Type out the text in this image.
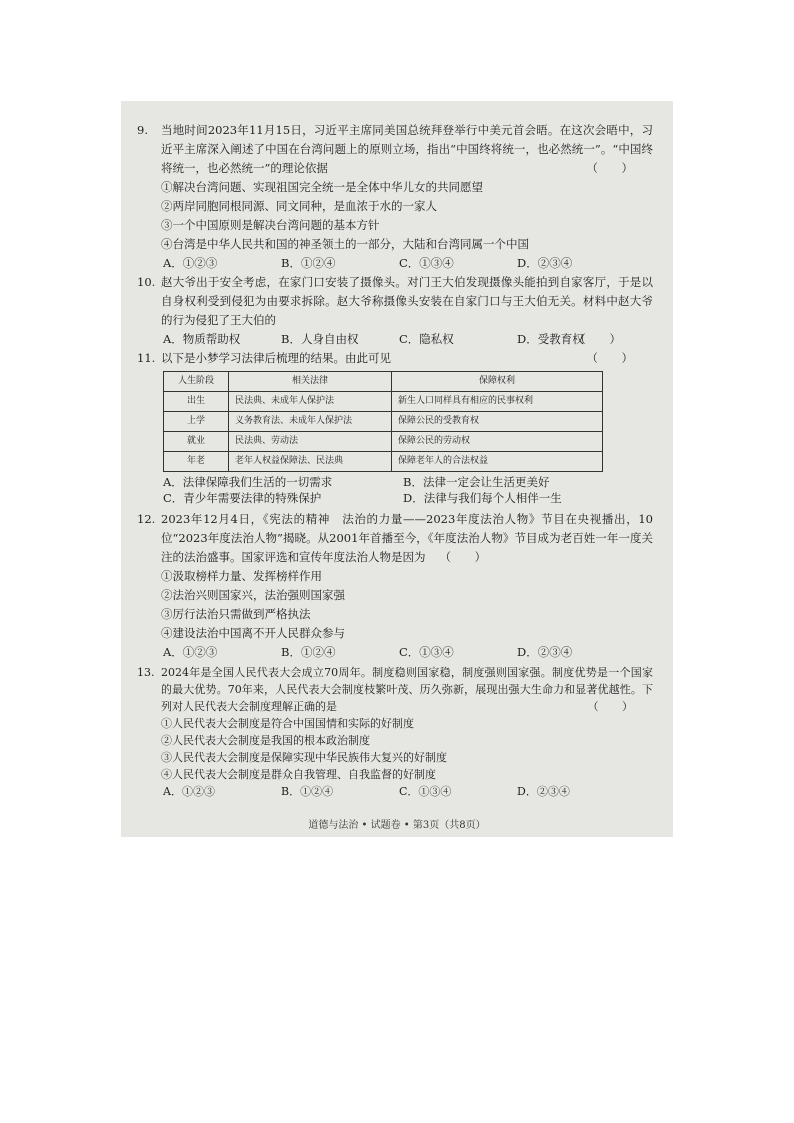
9.	当地时间2023年11月15日，习近平主席同美国总统拜登举行中美元首会晤。在这次会晤中，习近平主席深入阐述了中国在台湾问题上的原则立场，指出“中国终将统一，也必然统一”。“中国终将统一，也必然统一”的理论依据	（ ）
①解决台湾问题、实现祖国完全统一是全体中华儿女的共同愿望
②两岸同胞同根同源、同文同种，是血浓于水的一家人
③一个中国原则是解决台湾问题的基本方针
④台湾是中华人民共和国的神圣领土的一部分，大陆和台湾同属一个中国
A．①②③	B．①②④	C．①③④	D．②③④
10. 赵大爷出于安全考虑，在家门口安装了摄像头。对门王大伯发现摄像头能拍到自家客厅，于是以自身权利受到侵犯为由要求拆除。赵大爷称摄像头安装在自家门口与王大伯无关。材料中赵大爷的行为侵犯了王大伯的
（ ）
A．物质帮助权	B．人身自由权	C．隐私权	D．受教育权
11. 以下是小梦学习法律后梳理的结果。由此可见	（ ）
人生阶段	相关法律	保障权利
出生	民法典、未成年人保护法	新生人口同样具有相应的民事权利
上学	义务教育法、未成年人保护法	保障公民的受教育权
就业	民法典、劳动法	保障公民的劳动权
年老	老年人权益保障法、民法典	保障老年人的合法权益
A．法律保障我们生活的一切需求	B．法律一定会让生活更美好
C．青少年需要法律的特殊保护	D．法律与我们每个人相伴一生
12. 2023年12月4日，《宪法的精神　法治的力量——2023年度法治人物》节目在央视播出，10位“2023年度法治人物”揭晓。从2001年首播至今，《年度法治人物》节目成为老百姓一年一度关注的法治盛事。国家评选和宣传年度法治人物是因为 （ ）
①汲取榜样力量、发挥榜样作用
②法治兴则国家兴，法治强则国家强
③厉行法治只需做到严格执法
④建设法治中国离不开人民群众参与
A．①②③	B．①②④	C．①③④	D．②③④
13. 2024年是全国人民代表大会成立70周年。制度稳则国家稳，制度强则国家强。制度优势是一个国家的最大优势。70年来，人民代表大会制度枝繁叶茂、历久弥新，展现出强大生命力和显著优越性。下列对人民代表大会制度理解正确的是	（ ）
①人民代表大会制度是符合中国国情和实际的好制度
②人民代表大会制度是我国的根本政治制度
③人民代表大会制度是保障实现中华民族伟大复兴的好制度
④人民代表大会制度是群众自我管理、自我监督的好制度
A．①②③	B．①②④	C．①③④	D．②③④
道德与法治 • 试题卷 • 第3页（共8页）
